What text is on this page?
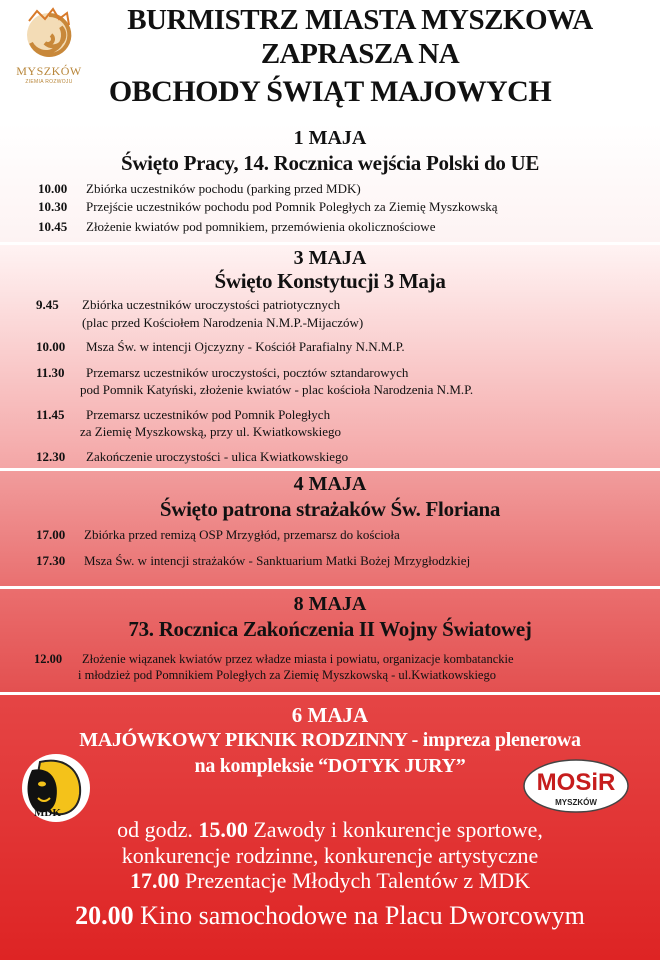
MYSZKÓW
ZIEMIA ROZWOJU
BURMISTRZ MIASTA MYSZKOWA
ZAPRASZA NA
OBCHODY ŚWIĄT MAJOWYCH
1 MAJA
Święto Pracy, 14. Rocznica wejścia Polski do UE
10.00 Zbiórka uczestników pochodu (parking przed MDK)
10.30 Przejście uczestników pochodu pod Pomnik Poległych za Ziemię Myszkowską
10.45 Złożenie kwiatów pod pomnikiem, przemówienia okolicznościowe
3 MAJA
Święto Konstytucji 3 Maja
9.45 Zbiórka uczestników uroczystości patriotycznych
(plac przed Kościołem Narodzenia N.M.P.-Mijaczów)
10.00 Msza Św. w intencji Ojczyzny - Kościół Parafialny N.N.M.P.
11.30 Przemarsz uczestników uroczystości, pocztów sztandarowych
pod Pomnik Katyński, złożenie kwiatów - plac kościoła Narodzenia N.M.P.
11.45 Przemarsz uczestników pod Pomnik Poległych
za Ziemię Myszkowską, przy ul. Kwiatkowskiego
12.30 Zakończenie uroczystości - ulica Kwiatkowskiego
4 MAJA
Święto patrona strażaków Św. Floriana
17.00 Zbiórka przed remizą OSP Mrzygłód, przemarsz do kościoła
17.30 Msza Św. w intencji strażaków - Sanktuarium Matki Bożej Mrzygłodzkiej
8 MAJA
73. Rocznica Zakończenia II Wojny Światowej
12.00 Złożenie wiązanek kwiatów przez władze miasta i powiatu, organizacje kombatanckie
i młodzież pod Pomnikiem Poległych za Ziemię Myszkowską - ul.Kwiatkowskiego
6 MAJA
MAJÓWKOWY PIKNIK RODZINNY - impreza plenerowa
na kompleksie “DOTYK JURY”
od godz. 15.00 Zawody i konkurencje sportowe,
konkurencje rodzinne, konkurencje artystyczne
17.00 Prezentacje Młodych Talentów z MDK
20.00 Kino samochodowe na Placu Dworcowym
MDK
MOSiR
MYSZKÓW
